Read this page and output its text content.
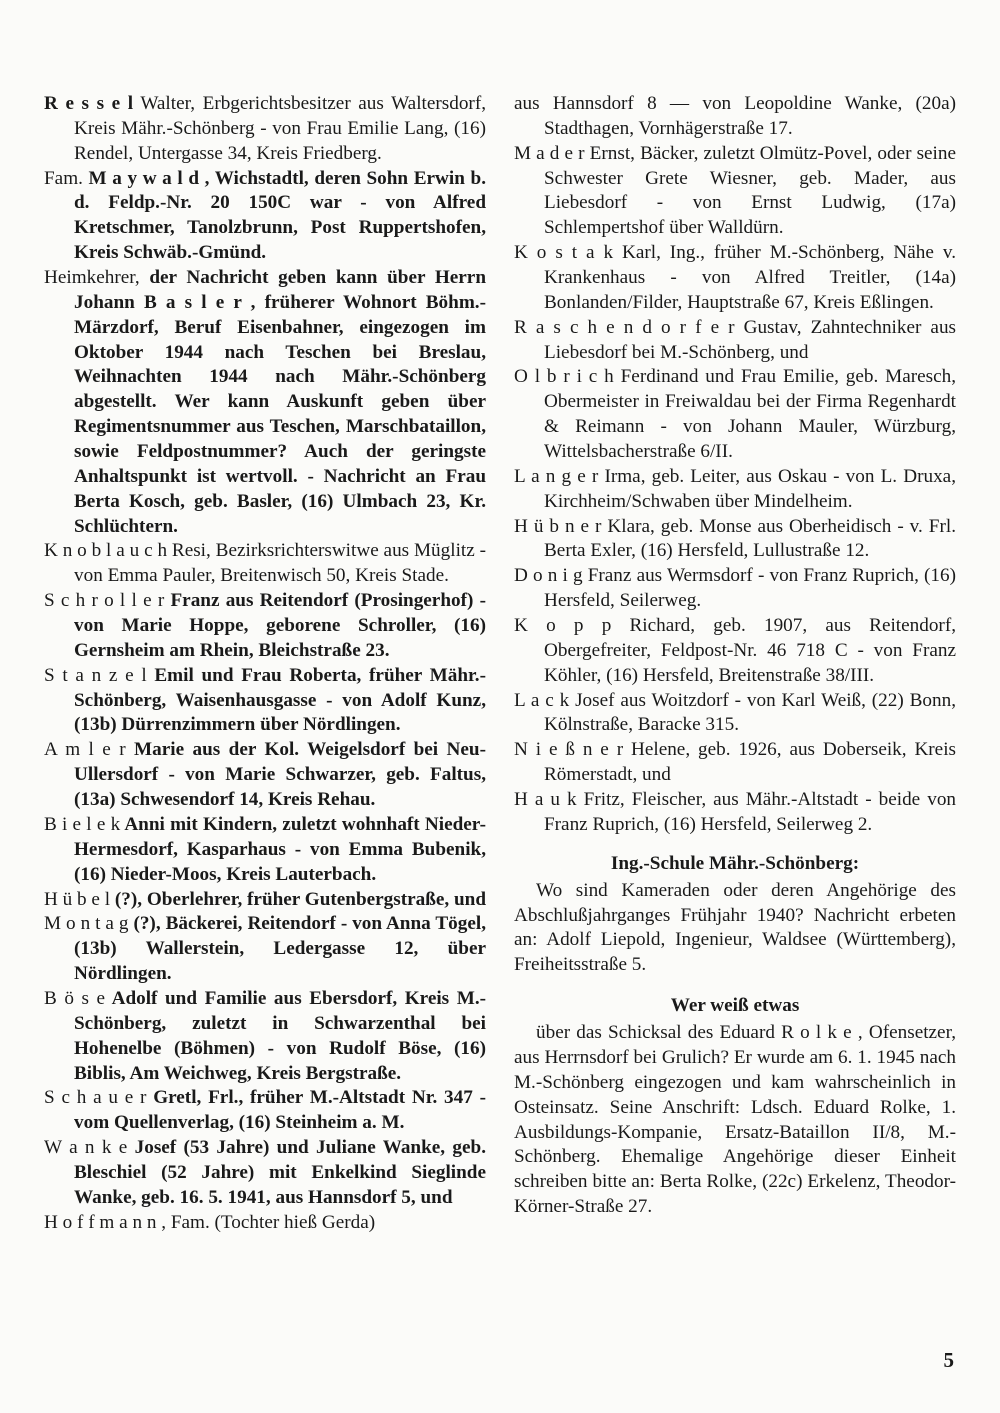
R e s s e l Walter, Erbgerichtsbesitzer aus Waltersdorf, Kreis Mähr.-Schönberg - von Frau Emilie Lang, (16) Rendel, Untergasse 34, Kreis Friedberg.

Fam. M a y w a l d , Wichstadtl, deren Sohn Erwin b. d. Feldp.-Nr. 20 150C war - von Alfred Kretschmer, Tanolzbrunn, Post Ruppertshofen, Kreis Schwäb.-Gmünd.

Heimkehrer, der Nachricht geben kann über Herrn Johann B a s l e r , früherer Wohnort Böhm.-Märzdorf, Beruf Eisenbahner, eingezogen im Oktober 1944 nach Teschen bei Breslau, Weihnachten 1944 nach Mähr.-Schönberg abgestellt. Wer kann Auskunft geben über Regimentsnummer aus Teschen, Marschbataillon, sowie Feldpostnummer? Auch der geringste Anhaltspunkt ist wertvoll. - Nachricht an Frau Berta Kosch, geb. Basler, (16) Ulmbach 23, Kr. Schlüchtern.

K n o b l a u c h Resi, Bezirksrichterswitwe aus Müglitz - von Emma Pauler, Breitenwisch 50, Kreis Stade.

S c h r o l l e r Franz aus Reitendorf (Prosingerhof) - von Marie Hoppe, geborene Schroller, (16) Gernsheim am Rhein, Bleichstraße 23.

S t a n z e l Emil und Frau Roberta, früher Mähr.-Schönberg, Waisenhausgasse - von Adolf Kunz, (13b) Dürrenzimmern über Nördlingen.

A m l e r Marie aus der Kol. Weigelsdorf bei Neu-Ullersdorf - von Marie Schwarzer, geb. Faltus, (13a) Schwesendorf 14, Kreis Rehau.

B i e l e k Anni mit Kindern, zuletzt wohnhaft Nieder-Hermesdorf, Kasparhaus - von Emma Bubenik, (16) Nieder-Moos, Kreis Lauterbach.

H ü b e l (?), Oberlehrer, früher Gutenbergstraße, und

M o n t a g (?), Bäckerei, Reitendorf - von Anna Tögel, (13b) Wallerstein, Ledergasse 12, über Nördlingen.

B ö s e Adolf und Familie aus Ebersdorf, Kreis M.-Schönberg, zuletzt in Schwarzenthal bei Hohenelbe (Böhmen) - von Rudolf Böse, (16) Biblis, Am Weichweg, Kreis Bergstraße.

S c h a u e r Gretl, Frl., früher M.-Altstadt Nr. 347 - vom Quellenverlag, (16) Steinheim a. M.

W a n k e Josef (53 Jahre) und Juliane Wanke, geb. Bleschiel (52 Jahre) mit Enkelkind Sieglinde Wanke, geb. 16. 5. 1941, aus Hannsdorf 5, und

H o f f m a n n , Fam. (Tochter hieß Gerda)

aus Hannsdorf 8 — von Leopoldine Wanke, (20a) Stadthagen, Vornhägerstraße 17.

M a d e r Ernst, Bäcker, zuletzt Olmütz-Povel, oder seine Schwester Grete Wiesner, geb. Mader, aus Liebesdorf - von Ernst Ludwig, (17a) Schlempertshof über Walldürn.

K o s t a k Karl, Ing., früher M.-Schönberg, Nähe v. Krankenhaus - von Alfred Treitler, (14a) Bonlanden/Filder, Hauptstraße 67, Kreis Eßlingen.

R a s c h e n d o r f e r Gustav, Zahntechniker aus Liebesdorf bei M.-Schönberg, und

O l b r i c h Ferdinand und Frau Emilie, geb. Maresch, Obermeister in Freiwaldau bei der Firma Regenhardt & Reimann - von Johann Mauler, Würzburg, Wittelsbacherstraße 6/II.

L a n g e r Irma, geb. Leiter, aus Oskau - von L. Druxa, Kirchheim/Schwaben über Mindelheim.

H ü b n e r Klara, geb. Monse aus Oberheidisch - v. Frl. Berta Exler, (16) Hersfeld, Lullustraße 12.

D o n i g Franz aus Wermsdorf - von Franz Ruprich, (16) Hersfeld, Seilerweg.

K o p p Richard, geb. 1907, aus Reitendorf, Obergefreiter, Feldpost-Nr. 46 718 C - von Franz Köhler, (16) Hersfeld, Breitenstraße 38/III.

L a c k Josef aus Woitzdorf - von Karl Weiß, (22) Bonn, Kölnstraße, Baracke 315.

N i e ß n e r Helene, geb. 1926, aus Doberseik, Kreis Römerstadt, und

H a u k Fritz, Fleischer, aus Mähr.-Altstadt - beide von Franz Ruprich, (16) Hersfeld, Seilerweg 2.

Ing.-Schule Mähr.-Schönberg:

Wo sind Kameraden oder deren Angehörige des Abschlußjahrganges Frühjahr 1940? Nachricht erbeten an: Adolf Liepold, Ingenieur, Waldsee (Württemberg), Freiheitsstraße 5.

Wer weiß etwas

über das Schicksal des Eduard R o l k e , Ofensetzer, aus Herrnsdorf bei Grulich? Er wurde am 6. 1. 1945 nach M.-Schönberg eingezogen und kam wahrscheinlich in Osteinsatz. Seine Anschrift: Ldsch. Eduard Rolke, 1. Ausbildungs-Kompanie, Ersatz-Bataillon II/8, M.-Schönberg. Ehemalige Angehörige dieser Einheit schreiben bitte an: Berta Rolke, (22c) Erkelenz, Theodor-Körner-Straße 27.

5
